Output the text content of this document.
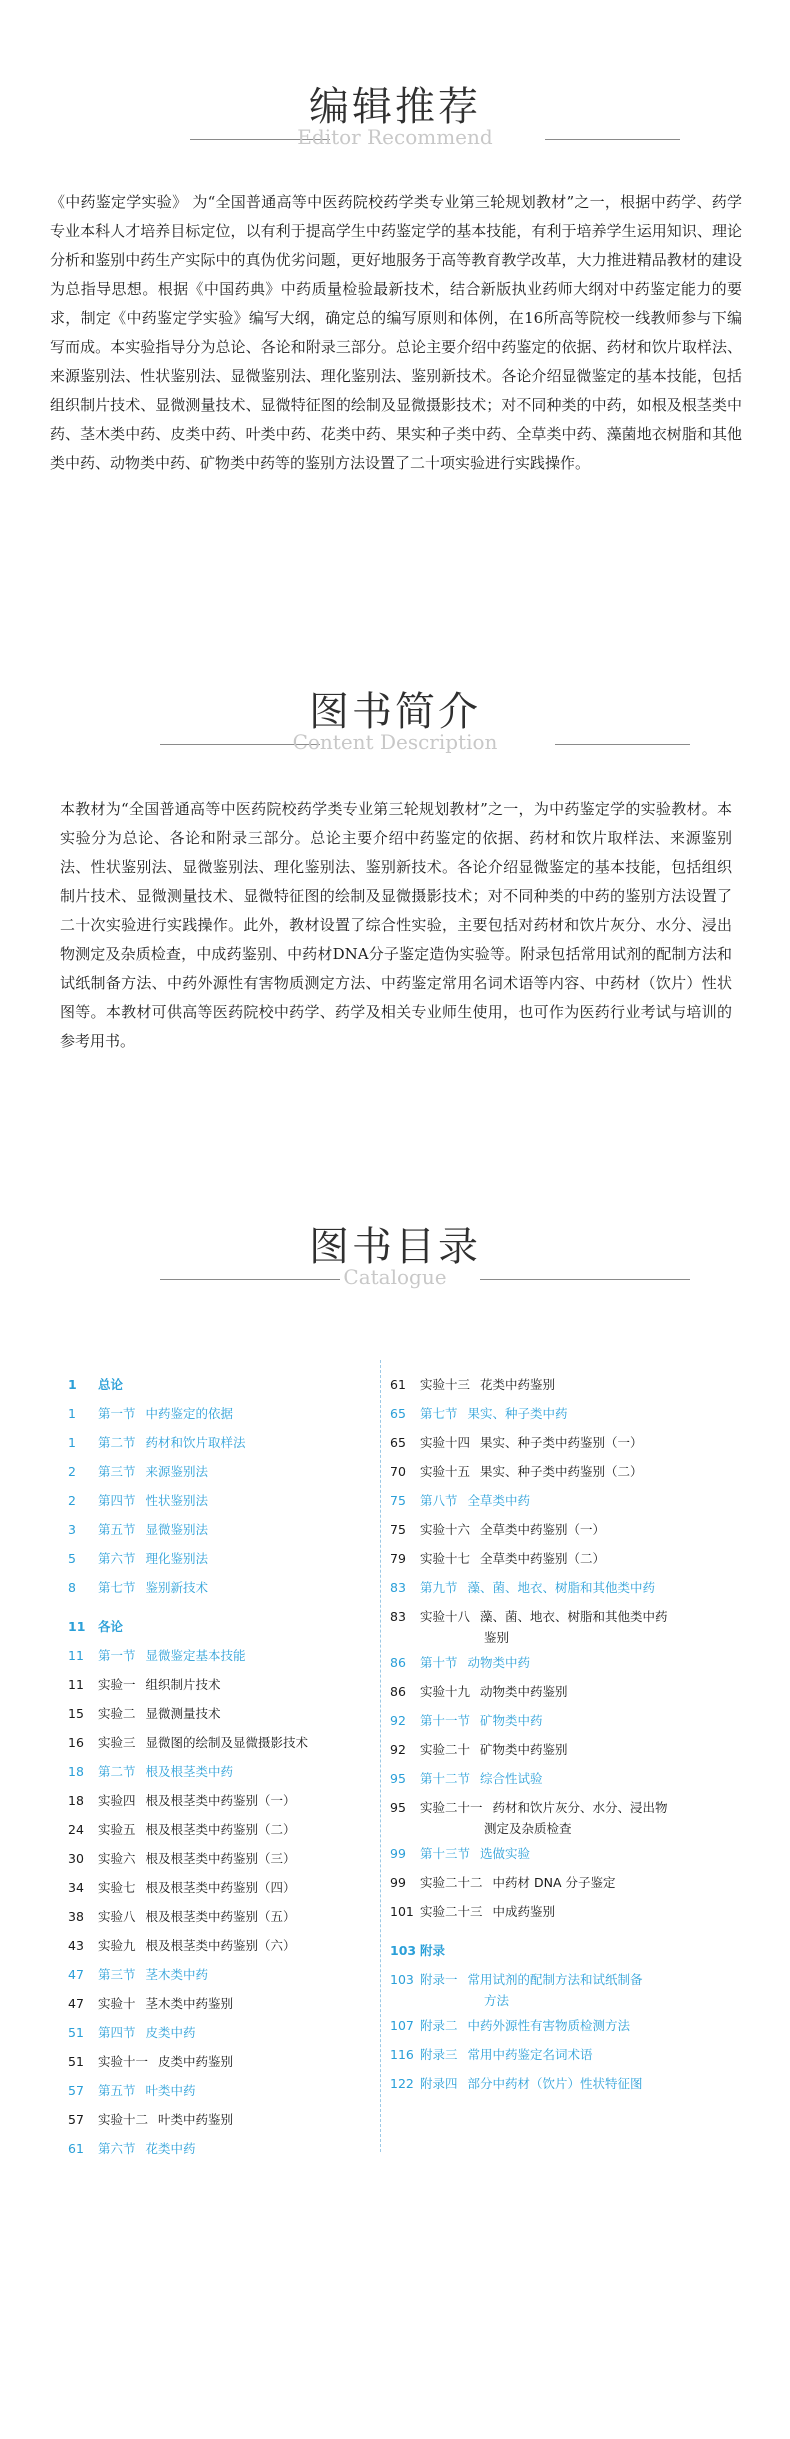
编辑推荐
Editor Recommend

《中药鉴定学实验》 为“全国普通高等中医药院校药学类专业第三轮规划教材”之一，根据中药学、药学专业本科人才培养目标定位，以有利于提高学生中药鉴定学的基本技能，有利于培养学生运用知识、理论分析和鉴别中药生产实际中的真伪优劣问题，更好地服务于高等教育教学改革，大力推进精品教材的建设为总指导思想。根据《中国药典》中药质量检验最新技术，结合新版执业药师大纲对中药鉴定能力的要求，制定《中药鉴定学实验》编写大纲，确定总的编写原则和体例，在16所高等院校一线教师参与下编写而成。本实验指导分为总论、各论和附录三部分。总论主要介绍中药鉴定的依据、药材和饮片取样法、来源鉴别法、性状鉴别法、显微鉴别法、理化鉴别法、鉴别新技术。各论介绍显微鉴定的基本技能，包括组织制片技术、显微测量技术、显微特征图的绘制及显微摄影技术；对不同种类的中药，如根及根茎类中药、茎木类中药、皮类中药、叶类中药、花类中药、果实种子类中药、全草类中药、藻菌地衣树脂和其他类中药、动物类中药、矿物类中药等的鉴别方法设置了二十项实验进行实践操作。

图书简介
Content Description

本教材为“全国普通高等中医药院校药学类专业第三轮规划教材”之一，为中药鉴定学的实验教材。本实验分为总论、各论和附录三部分。总论主要介绍中药鉴定的依据、药材和饮片取样法、来源鉴别法、性状鉴别法、显微鉴别法、理化鉴别法、鉴别新技术。各论介绍显微鉴定的基本技能，包括组织制片技术、显微测量技术、显微特征图的绘制及显微摄影技术；对不同种类的中药的鉴别方法设置了二十次实验进行实践操作。此外，教材设置了综合性实验，主要包括对药材和饮片灰分、水分、浸出物测定及杂质检查，中成药鉴别、中药材DNA分子鉴定造伪实验等。附录包括常用试剂的配制方法和试纸制备方法、中药外源性有害物质测定方法、中药鉴定常用名词术语等内容、中药材（饮片）性状图等。本教材可供高等医药院校中药学、药学及相关专业师生使用，也可作为医药行业考试与培训的参考用书。

图书目录
Catalogue
1 总论
1 第一节 中药鉴定的依据
1 第二节 药材和饮片取样法
2 第三节 来源鉴别法
2 第四节 性状鉴别法
3 第五节 显微鉴别法
5 第六节 理化鉴别法
8 第七节 鉴别新技术
11 各论
11 第一节 显微鉴定基本技能
11 实验一 组织制片技术
15 实验二 显微测量技术
16 实验三 显微图的绘制及显微摄影技术
18 第二节 根及根茎类中药
18 实验四 根及根茎类中药鉴别（一）
24 实验五 根及根茎类中药鉴别（二）
30 实验六 根及根茎类中药鉴别（三）
34 实验七 根及根茎类中药鉴别（四）
38 实验八 根及根茎类中药鉴别（五）
43 实验九 根及根茎类中药鉴别（六）
47 第三节 茎木类中药
47 实验十 茎木类中药鉴别
51 第四节 皮类中药
51 实验十一 皮类中药鉴别
57 第五节 叶类中药
57 实验十二 叶类中药鉴别
61 第六节 花类中药
61 实验十三 花类中药鉴别
65 第七节 果实、种子类中药
65 实验十四 果实、种子类中药鉴别（一）
70 实验十五 果实、种子类中药鉴别（二）
75 第八节 全草类中药
75 实验十六 全草类中药鉴别（一）
79 实验十七 全草类中药鉴别（二）
83 第九节 藻、菌、地衣、树脂和其他类中药
83 实验十八 藻、菌、地衣、树脂和其他类中药
鉴别
86 第十节 动物类中药
86 实验十九 动物类中药鉴别
92 第十一节 矿物类中药
92 实验二十 矿物类中药鉴别
95 第十二节 综合性试验
95 实验二十一 药材和饮片灰分、水分、浸出物
测定及杂质检查
99 第十三节 选做实验
99 实验二十二 中药材 DNA 分子鉴定
101 实验二十三 中成药鉴别
103 附录
103 附录一 常用试剂的配制方法和试纸制备
方法
107 附录二 中药外源性有害物质检测方法
116 附录三 常用中药鉴定名词术语
122 附录四 部分中药材（饮片）性状特征图
